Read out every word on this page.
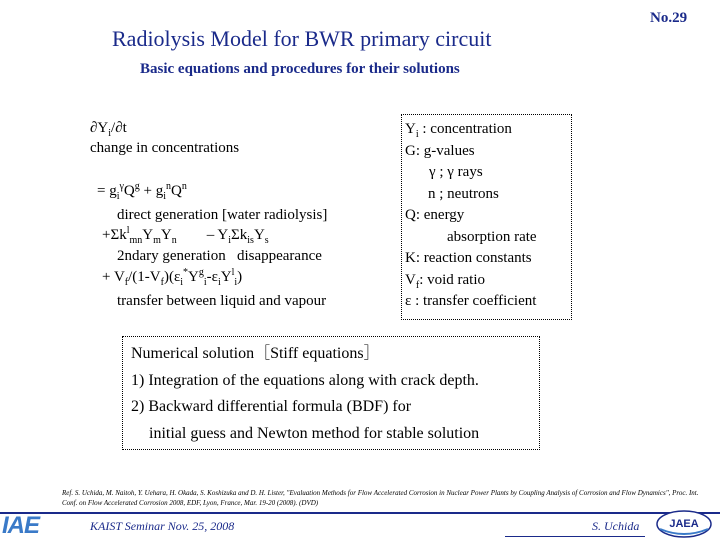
Radiolysis Model for BWR primary circuit
No.29
Basic equations and procedures for their solutions
$\partial Y_i/\partial t$
change in concentrations
= $g_i^\gamma Q^g + g_i^nQ^n$
direct generation [water radiolysis]
$+\Sigma k^l_{mn}Y_mY_n - Y_i\Sigma k_{is}Y_s$
2ndary generation   disappearance
+ $V_f/(1-V_f)(\varepsilon_i^*Y^g_i-\varepsilon_iY^l_i)$
transfer between liquid and vapour
$Y_i$ : concentration
G: g-values
γ ; γ rays
n ; neutrons
Q: energy
absorption rate
K: reaction constants
$V_f$: void ratio
ε : transfer coefficient
Numerical solution［Stiff equations］
1) Integration of the equations along with crack depth.
2) Backward differential formula (BDF) for
initial guess and Newton method for stable solution
Ref. S. Uchida, M. Naitoh, Y. Uehara, H. Okada, S. Koshizuka and D. H. Lister, "Evaluation Methods for Flow Accelerated Corrosion in Nuclear Power Plants by Coupling Analysis of Corrosion and Flow Dynamics", Proc. Int. Conf. on Flow Accelerated Corrosion 2008, EDF, Lyon, France, Mar. 19-20 (2008). (DVD)
IAE	KAIST Seminar Nov. 25, 2008	S. Uchida	JAEA
